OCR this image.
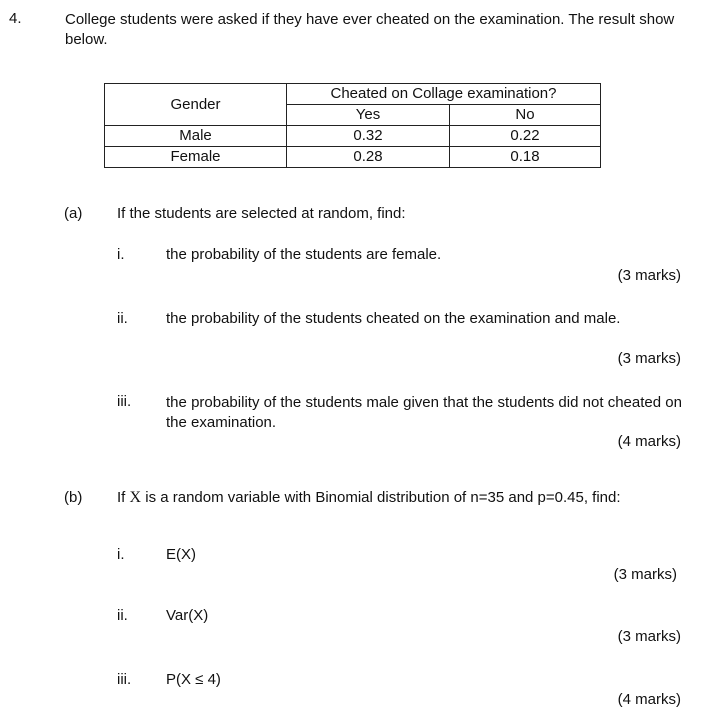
4.	College students were asked if they have ever cheated on the examination. The result show below.
Gender	Cheated on Collage examination?	
	Yes	No
Male	0.32	0.22
Female	0.28	0.18
(a) If the students are selected at random, find:
i.	the probability of the students are female.
(3 marks)
ii.	the probability of the students cheated on the examination and male.
(3 marks)
iii. the probability of the students male given that the students did not cheated on the examination.
(4 marks)
(b) If X is a random variable with Binomial distribution of n=35 and p=0.45, find:
i.	E(X)
(3 marks)
ii.	Var(X)
(3 marks)
iii. P(X ≤ 4)
(4 marks)
